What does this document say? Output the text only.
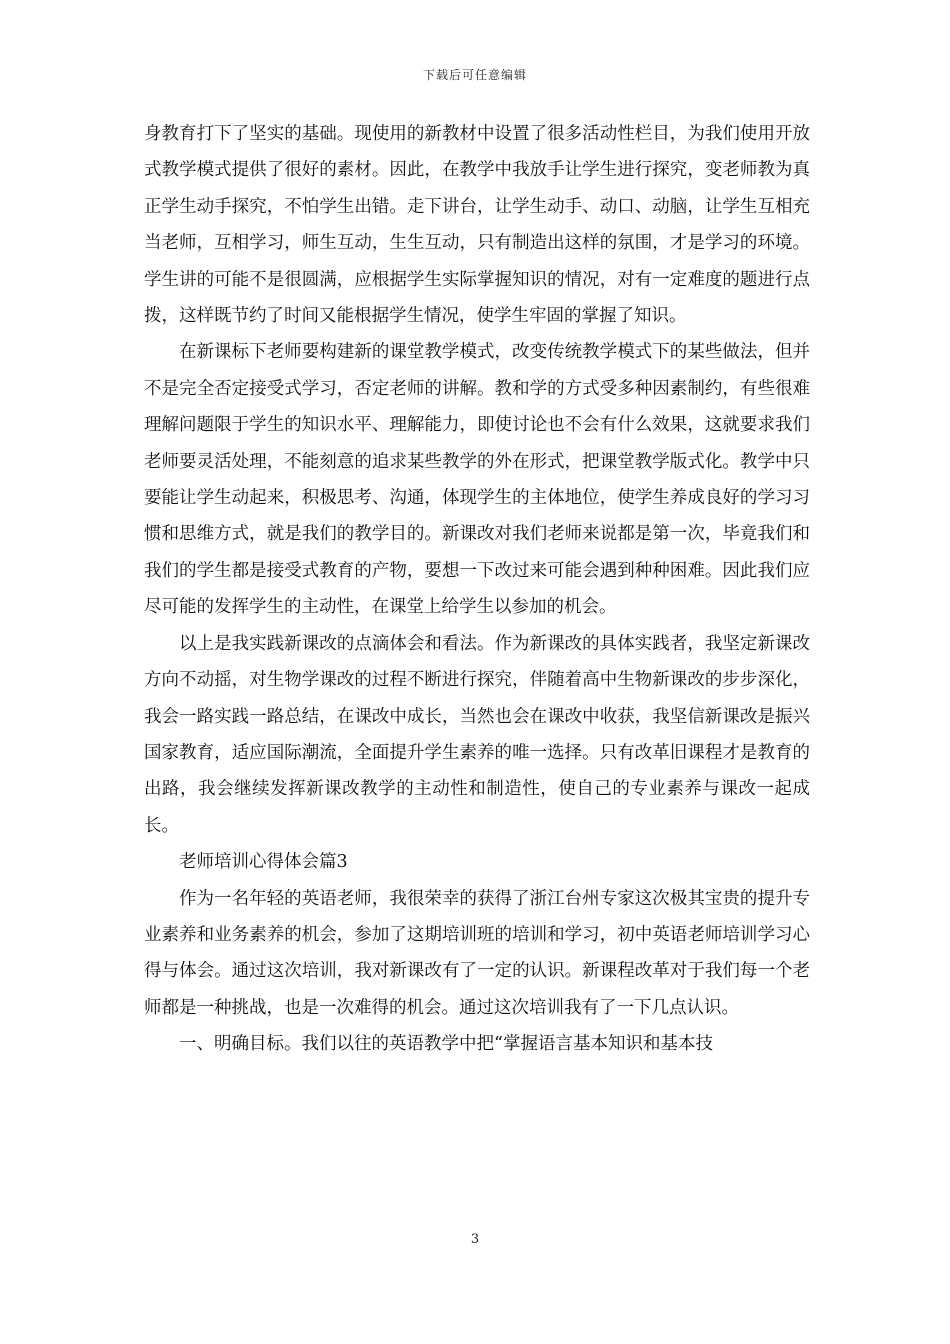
下载后可任意编辑

身教育打下了坚实的基础。现使用的新教材中设置了很多活动性栏目，为我们使用开放式教学模式提供了很好的素材。因此，在教学中我放手让学生进行探究，变老师教为真正学生动手探究，不怕学生出错。走下讲台，让学生动手、动口、动脑，让学生互相充当老师，互相学习，师生互动，生生互动，只有制造出这样的氛围，才是学习的环境。学生讲的可能不是很圆满，应根据学生实际掌握知识的情况，对有一定难度的题进行点拨，这样既节约了时间又能根据学生情况，使学生牢固的掌握了知识。

在新课标下老师要构建新的课堂教学模式，改变传统教学模式下的某些做法，但并不是完全否定接受式学习，否定老师的讲解。教和学的方式受多种因素制约，有些很难理解问题限于学生的知识水平、理解能力，即使讨论也不会有什么效果，这就要求我们老师要灵活处理，不能刻意的追求某些教学的外在形式，把课堂教学版式化。教学中只要能让学生动起来，积极思考、沟通，体现学生的主体地位，使学生养成良好的学习习惯和思维方式，就是我们的教学目的。新课改对我们老师来说都是第一次，毕竟我们和我们的学生都是接受式教育的产物，要想一下改过来可能会遇到种种困难。因此我们应尽可能的发挥学生的主动性，在课堂上给学生以参加的机会。

以上是我实践新课改的点滴体会和看法。作为新课改的具体实践者，我坚定新课改方向不动摇，对生物学课改的过程不断进行探究，伴随着高中生物新课改的步步深化，我会一路实践一路总结，在课改中成长，当然也会在课改中收获，我坚信新课改是振兴国家教育，适应国际潮流，全面提升学生素养的唯一选择。只有改革旧课程才是教育的出路，我会继续发挥新课改教学的主动性和制造性，使自己的专业素养与课改一起成长。

老师培训心得体会篇3

作为一名年轻的英语老师，我很荣幸的获得了浙江台州专家这次极其宝贵的提升专业素养和业务素养的机会，参加了这期培训班的培训和学习，初中英语老师培训学习心得与体会。通过这次培训，我对新课改有了一定的认识。新课程改革对于我们每一个老师都是一种挑战，也是一次难得的机会。通过这次培训我有了一下几点认识。

一、明确目标。我们以往的英语教学中把“掌握语言基本知识和基本技

3
